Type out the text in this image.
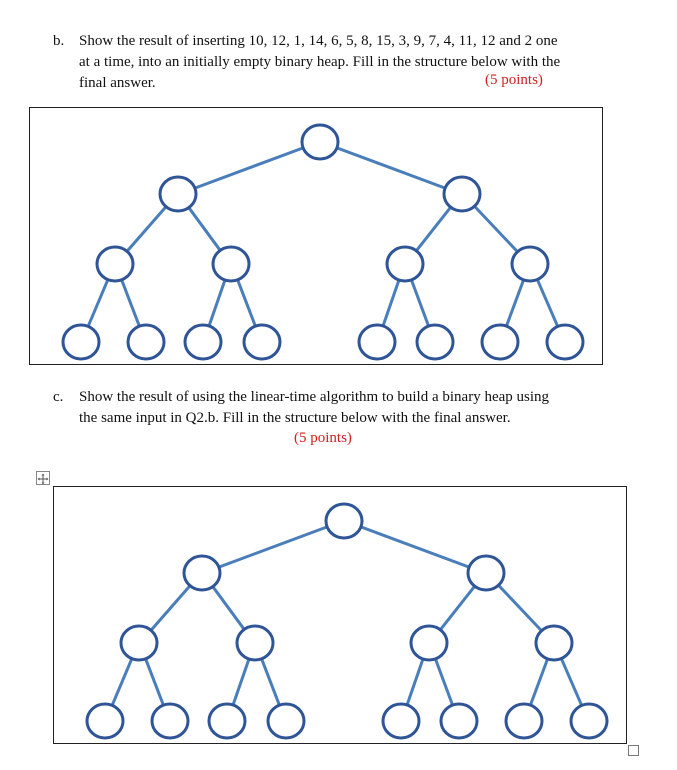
b. Show the result of inserting 10, 12, 1, 14, 6, 5, 8, 15, 3, 9, 7, 4, 11, 12 and 2 one
at a time, into an initially empty binary heap. Fill in the structure below with the
final answer.	(5 points)
c. Show the result of using the linear-time algorithm to build a binary heap using
the same input in Q2.b. Fill in the structure below with the final answer.
(5 points)
